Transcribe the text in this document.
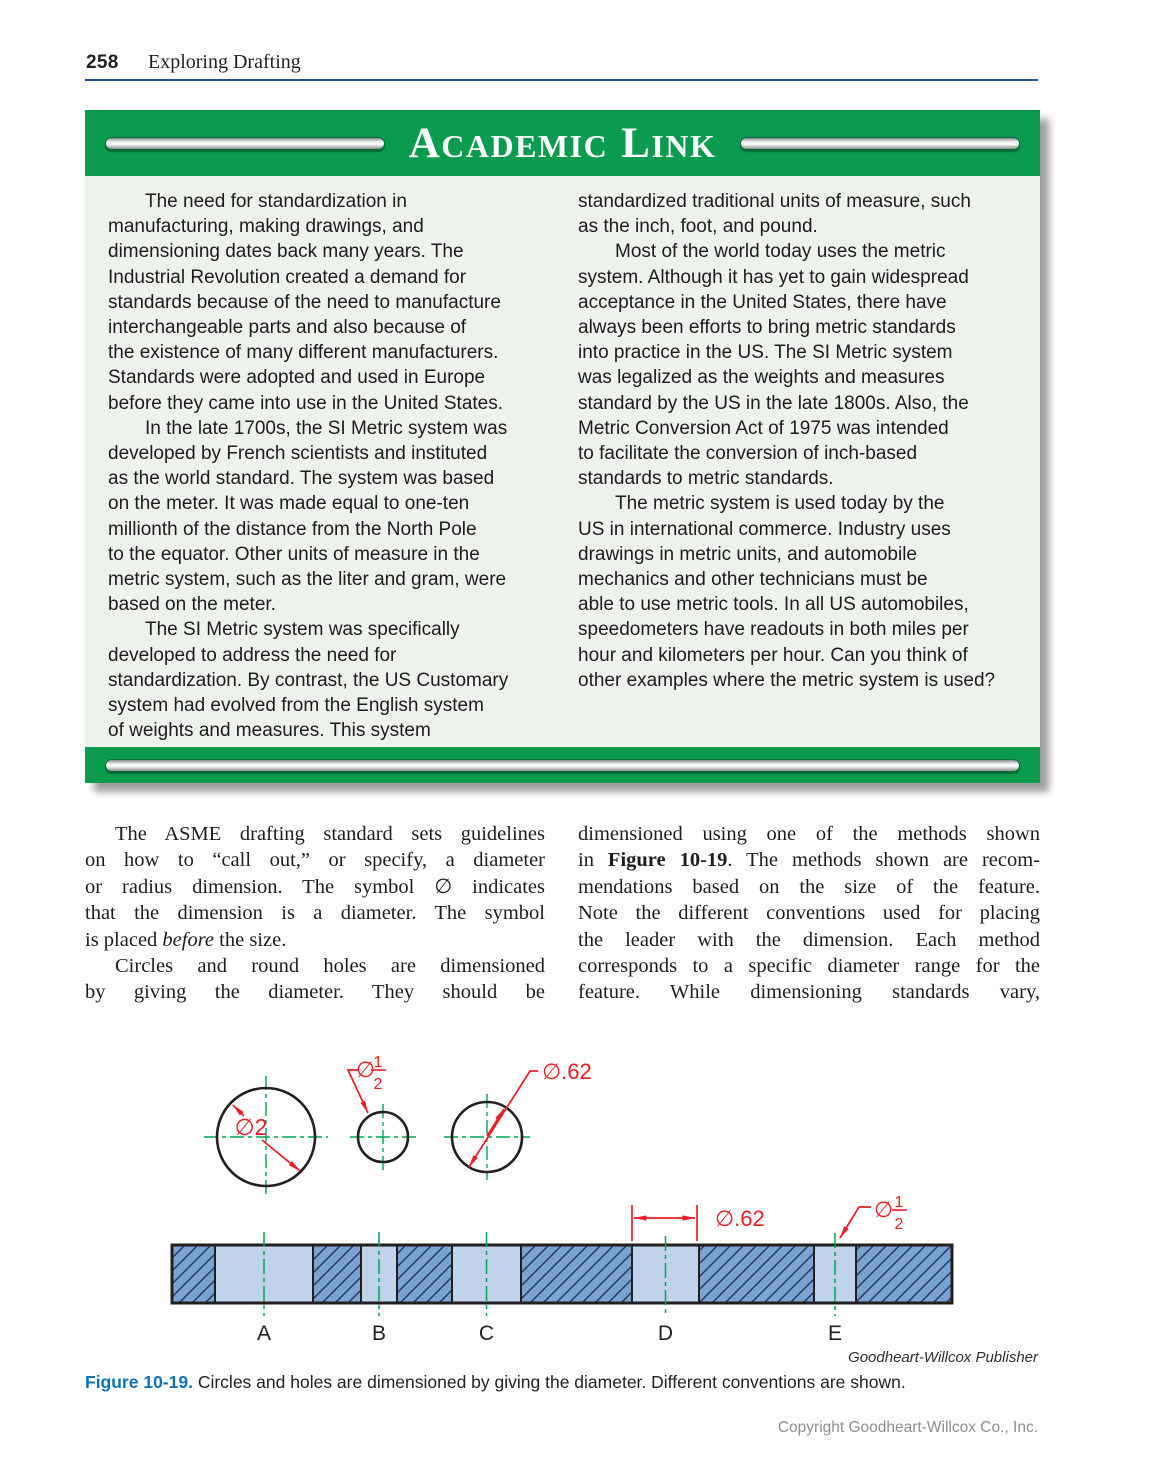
258 Exploring Drafting
ACADEMIC LINK
The need for standardization in
manufacturing, making drawings, and
dimensioning dates back many years. The
Industrial Revolution created a demand for
standards because of the need to manufacture
interchangeable parts and also because of
the existence of many different manufacturers.
Standards were adopted and used in Europe
before they came into use in the United States.
In the late 1700s, the SI Metric system was
developed by French scientists and instituted
as the world standard. The system was based
on the meter. It was made equal to one-ten
millionth of the distance from the North Pole
to the equator. Other units of measure in the
metric system, such as the liter and gram, were
based on the meter.
The SI Metric system was specifically
developed to address the need for
standardization. By contrast, the US Customary
system had evolved from the English system
of weights and measures. This system
standardized traditional units of measure, such
as the inch, foot, and pound.
Most of the world today uses the metric
system. Although it has yet to gain widespread
acceptance in the United States, there have
always been efforts to bring metric standards
into practice in the US. The SI Metric system
was legalized as the weights and measures
standard by the US in the late 1800s. Also, the
Metric Conversion Act of 1975 was intended
to facilitate the conversion of inch-based
standards to metric standards.
The metric system is used today by the
US in international commerce. Industry uses
drawings in metric units, and automobile
mechanics and other technicians must be
able to use metric tools. In all US automobiles,
speedometers have readouts in both miles per
hour and kilometers per hour. Can you think of
other examples where the metric system is used?
The ASME drafting standard sets guidelines
on how to “call out,” or specify, a diameter
or radius dimension. The symbol ∅ indicates
that the dimension is a diameter. The symbol
is placed before the size.
Circles and round holes are dimensioned
by giving the diameter. They should be
dimensioned using one of the methods shown
in Figure 10-19. The methods shown are recom-
mendations based on the size of the feature.
Note the different conventions used for placing
the leader with the dimension. Each method
corresponds to a specific diameter range for the
feature. While dimensioning standards vary,
∅2
∅
1
2
∅.62
∅.62	∅ 1
2
A	B	C	D	E
Goodheart-Willcox Publisher
Figure 10-19. Circles and holes are dimensioned by giving the diameter. Different conventions are shown.
Copyright Goodheart-Willcox Co., Inc.
